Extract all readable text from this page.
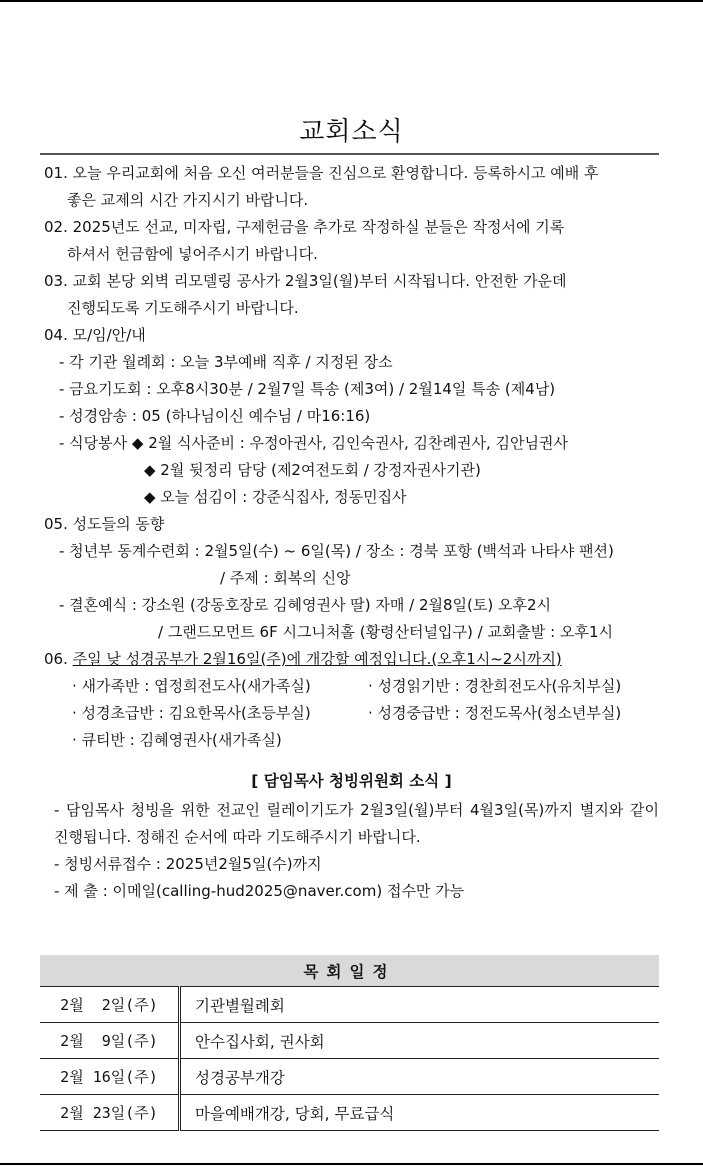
교회소식
01. 오늘 우리교회에 처음 오신 여러분들을 진심으로 환영합니다. 등록하시고 예배 후
좋은 교제의 시간 가지시기 바랍니다.
02. 2025년도 선교, 미자립, 구제헌금을 추가로 작정하실 분들은 작정서에 기록
하셔서 헌금함에 넣어주시기 바랍니다.
03. 교회 본당 외벽 리모델링 공사가 2월3일(월)부터 시작됩니다. 안전한 가운데
진행되도록 기도해주시기 바랍니다.
04. 모/임/안/내
- 각 기관 월례회 : 오늘 3부예배 직후 / 지정된 장소
- 금요기도회 : 오후8시30분 / 2월7일 특송 (제3여) / 2월14일 특송 (제4남)
- 성경암송 : 05 (하나님이신 예수님 / 마16:16)
- 식당봉사 ◆ 2월 식사준비 : 우정아권사, 김인숙권사, 김찬례권사, 김안님권사
◆ 2월 뒷정리 담당 (제2여전도회 / 강정자권사기관)
◆ 오늘 섬김이 : 강준식집사, 정동민집사
05. 성도들의 동향
- 청년부 동계수련회 : 2월5일(수) ~ 6일(목) / 장소 : 경북 포항 (백석과 나타샤 팬션)
/ 주제 : 회복의 신앙
- 결혼예식 : 강소원 (강동호장로 김혜영권사 딸) 자매 / 2월8일(토) 오후2시
/ 그랜드모먼트 6F 시그니처홀 (황령산터널입구) / 교회출발 : 오후1시
06. 주일 낮 성경공부가 2월16일(주)에 개강할 예정입니다.(오후1시~2시까지)
· 새가족반 : 엽정희전도사(새가족실)	· 성경읽기반 : 경찬희전도사(유치부실)
· 성경초급반 : 김요한목사(초등부실)	· 성경중급반 : 정전도목사(청소년부실)
· 큐티반 : 김혜영권사(새가족실)
[ 담임목사 청빙위원회 소식 ]
- 담임목사 청빙을 위한 전교인 릴레이기도가 2월3일(월)부터 4월3일(목)까지 별지와 같이 진행됩니다. 정해진 순서에 따라 기도해주시기 바랍니다.
- 청빙서류접수 : 2025년2월5일(수)까지
- 제 출 : 이메일(calling-hud2025@naver.com) 접수만 가능
목회일정	
2월  2일(주)	기관별월례회
2월  9일(주)	안수집사회, 권사회
2월 16일(주)	성경공부개강
2월 23일(주)	마을예배개강, 당회, 무료급식
